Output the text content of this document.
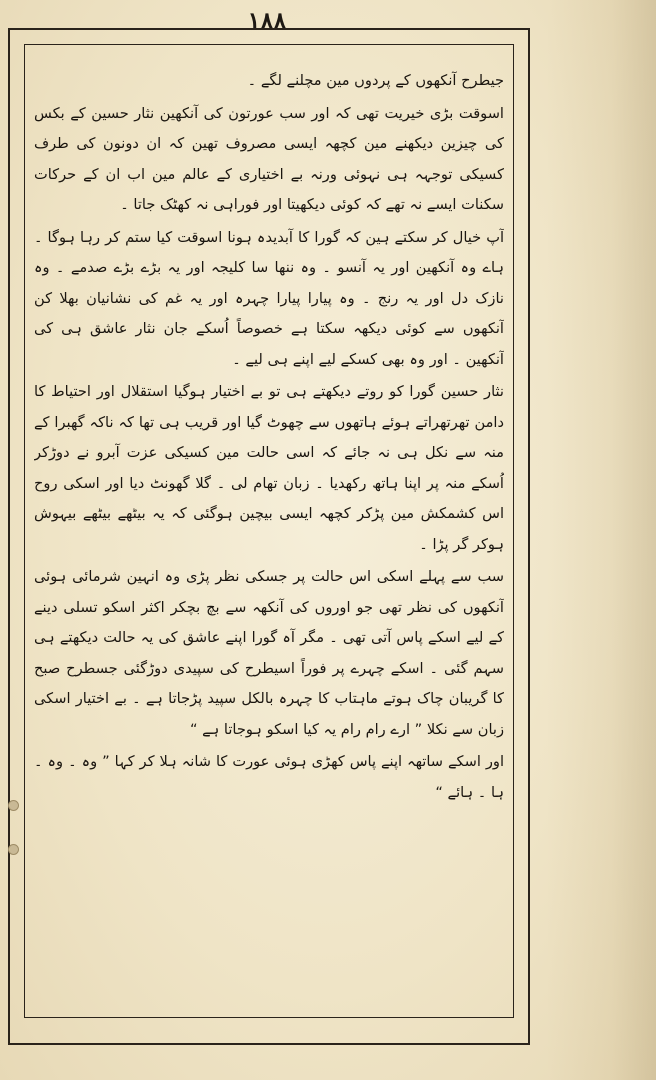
۱۸۸

جیطرح آنکھوں کے پردوں مین مچلنے لگے ۔

اسوقت بڑی خیریت تھی کہ اور سب عورتون کی آنکھین نثار حسین کے بکس کی چیزین دیکھنے مین کچھہ ایسی مصروف تھین کہ ان دونون کی طرف کسیکی توجہہ ہی نہوئی ورنہ بے اختیاری کے عالم مین اب ان کے حرکات سکنات ایسے نہ تھے کہ کوئی دیکھیتا اور فوراہی نہ کھٹک جاتا ۔

آپ خیال کر سکتے ہین کہ گورا کا آبدیدہ ہونا اسوقت کیا ستم کر رہا ہوگا ۔ ہاے وہ آنکھین اور یہ آنسو ۔ وہ ننھا سا کلیجہ اور یہ بڑے بڑے صدمے ۔ وہ نازک دل اور یہ رنج ۔ وہ پیارا پیارا چہرہ اور یہ غم کی نشانیان بھلا کن آنکھوں سے کوئی دیکھہ سکتا ہے خصوصاً اُسکے جان نثار عاشق ہی کی آنکھین ۔ اور وہ بھی کسکے لیے اپنے ہی لیے ۔

نثار حسین گورا کو روتے دیکھتے ہی تو بے اختیار ہوگیا استقلال اور احتیاط کا دامن تھرتھراتے ہوئے ہاتھوں سے چھوٹ گیا اور قریب ہی تھا کہ ناکہ گھبرا کے منہ سے نکل ہی نہ جائے کہ اسی حالت مین کسیکی عزت آبرو نے دوڑکر اُسکے منہ پر اپنا ہاتھ رکھدیا ۔ زبان تھام لی ۔ گلا گھونٹ دیا اور اسکی روح اس کشمکش مین پڑکر کچھہ ایسی بیچین ہوگئی کہ یہ بیٹھے بیٹھے بیہوش ہوکر گر پڑا ۔

سب سے پہلے اسکی اس حالت پر جسکی نظر پڑی وہ انہین شرمائی ہوئی آنکھوں کی نظر تھی جو اوروں کی آنکھہ سے بچ بچکر اکثر اسکو تسلی دینے کے لیے اسکے پاس آتی تھی ۔ مگر آہ گورا اپنے عاشق کی یہ حالت دیکھتے ہی سہم گئی ۔ اسکے چہرے پر فوراً اسیطرح کی سپیدی دوڑگئی جسطرح صبح کا گریبان چاک ہوتے ماہتاب کا چہرہ بالکل سپید پڑجاتا ہے ۔ بے اختیار اسکی زبان سے نکلا ” ارے رام رام یہ کیا اسکو ہوجاتا ہے “

اور اسکے ساتھہ اپنے پاس کھڑی ہوئی عورت کا شانہ ہلا کر کہا ” وہ ۔ وہ ۔ ہا ۔ ہائے “
